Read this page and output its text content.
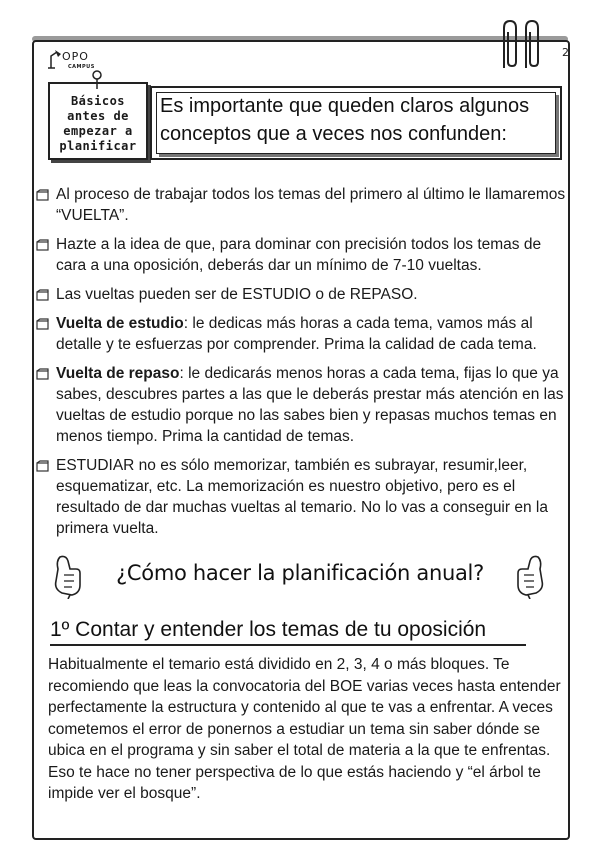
2
OPO
CAMPUS
Básicos
antes de
empezar a
planificar
Es importante que queden claros algunos conceptos que a veces nos confunden:
Al proceso de trabajar todos los temas del primero al último le llamaremos “VUELTA”.
Hazte a la idea de que, para dominar con precisión todos los temas de cara a una oposición, deberás dar un mínimo de 7-10 vueltas.
Las vueltas pueden ser de ESTUDIO o de REPASO.
Vuelta de estudio: le dedicas más horas a cada tema, vamos más al detalle y te esfuerzas por comprender. Prima la calidad de cada tema.
Vuelta de repaso: le dedicarás menos horas a cada tema, fijas lo que ya sabes, descubres partes a las que le deberás prestar más atención en las vueltas de estudio porque no las sabes bien y repasas muchos temas en menos tiempo. Prima la cantidad de temas.
ESTUDIAR no es sólo memorizar, también es subrayar, resumir,leer, esquematizar, etc. La memorización es nuestro objetivo, pero es el resultado de dar muchas vueltas al temario. No lo vas a conseguir en la primera vuelta.
¿Cómo hacer la planificación anual?
1º Contar y entender los temas de tu oposición
Habitualmente el temario está dividido en 2, 3, 4 o más bloques. Te recomiendo que leas la convocatoria del BOE varias veces hasta entender perfectamente la estructura y contenido al que te vas a enfrentar. A veces cometemos el error de ponernos a estudiar un tema sin saber dónde se ubica en el programa y sin saber el total de materia a la que te enfrentas. Eso te hace no tener perspectiva de lo que estás haciendo y “el árbol te impide ver el bosque”.
